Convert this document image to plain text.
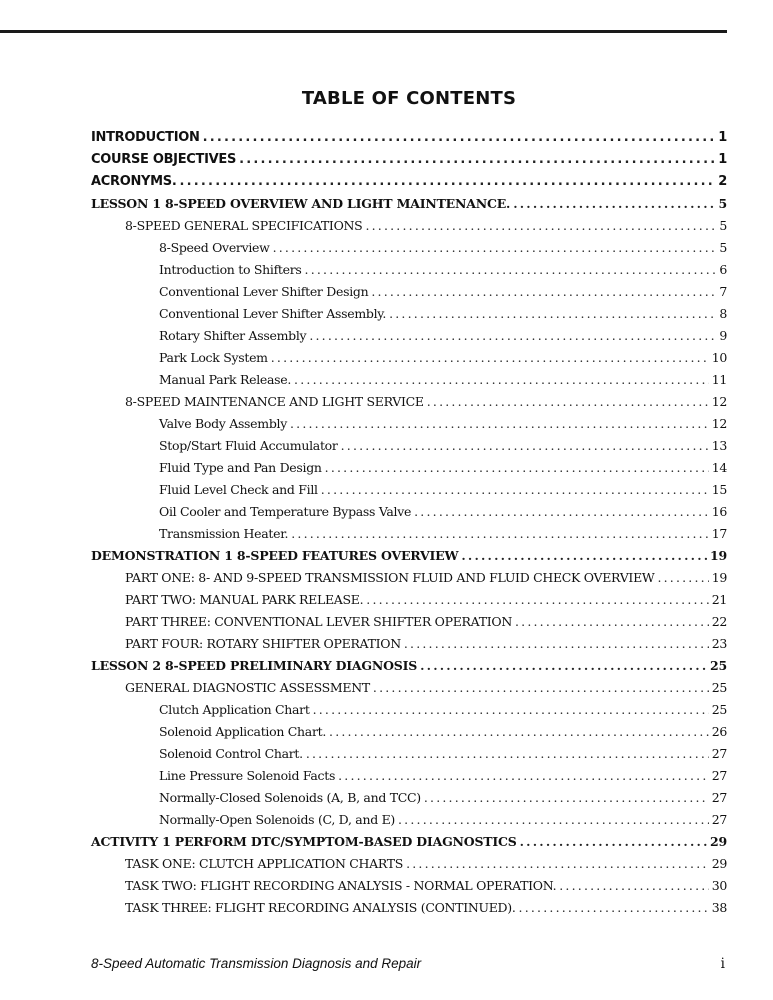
TABLE OF CONTENTS
INTRODUCTION .....	1
COURSE OBJECTIVES .....	1
ACRONYMS. .....	2
LESSON 1 8-SPEED OVERVIEW AND LIGHT MAINTENANCE. .....	5
8-SPEED GENERAL SPECIFICATIONS .....	5
8-Speed Overview .....	5
Introduction to Shifters .....	6
Conventional Lever Shifter Design .....	7
Conventional Lever Shifter Assembly. .....	8
Rotary Shifter Assembly .....	9
Park Lock System .....	10
Manual Park Release. .....	11
8-SPEED MAINTENANCE AND LIGHT SERVICE .....	12
Valve Body Assembly .....	12
Stop/Start Fluid Accumulator .....	13
Fluid Type and Pan Design .....	14
Fluid Level Check and Fill .....	15
Oil Cooler and Temperature Bypass Valve .....	16
Transmission Heater. .....	17
DEMONSTRATION 1 8-SPEED FEATURES OVERVIEW .....	19
PART ONE: 8- AND 9-SPEED TRANSMISSION FLUID AND FLUID CHECK OVERVIEW .....	19
PART TWO: MANUAL PARK RELEASE. .....	21
PART THREE: CONVENTIONAL LEVER SHIFTER OPERATION .....	22
PART FOUR: ROTARY SHIFTER OPERATION .....	23
LESSON 2 8-SPEED PRELIMINARY DIAGNOSIS .....	25
GENERAL DIAGNOSTIC ASSESSMENT .....	25
Clutch Application Chart .....	25
Solenoid Application Chart. .....	26
Solenoid Control Chart. .....	27
Line Pressure Solenoid Facts .....	27
Normally-Closed Solenoids (A, B, and TCC) .....	27
Normally-Open Solenoids (C, D, and E) .....	27
ACTIVITY 1 PERFORM DTC/SYMPTOM-BASED DIAGNOSTICS .....	29
TASK ONE: CLUTCH APPLICATION CHARTS .....	29
TASK TWO: FLIGHT RECORDING ANALYSIS - NORMAL OPERATION. .....	30
TASK THREE: FLIGHT RECORDING ANALYSIS (CONTINUED). .....	38
8-Speed Automatic Transmission Diagnosis and Repair	i
